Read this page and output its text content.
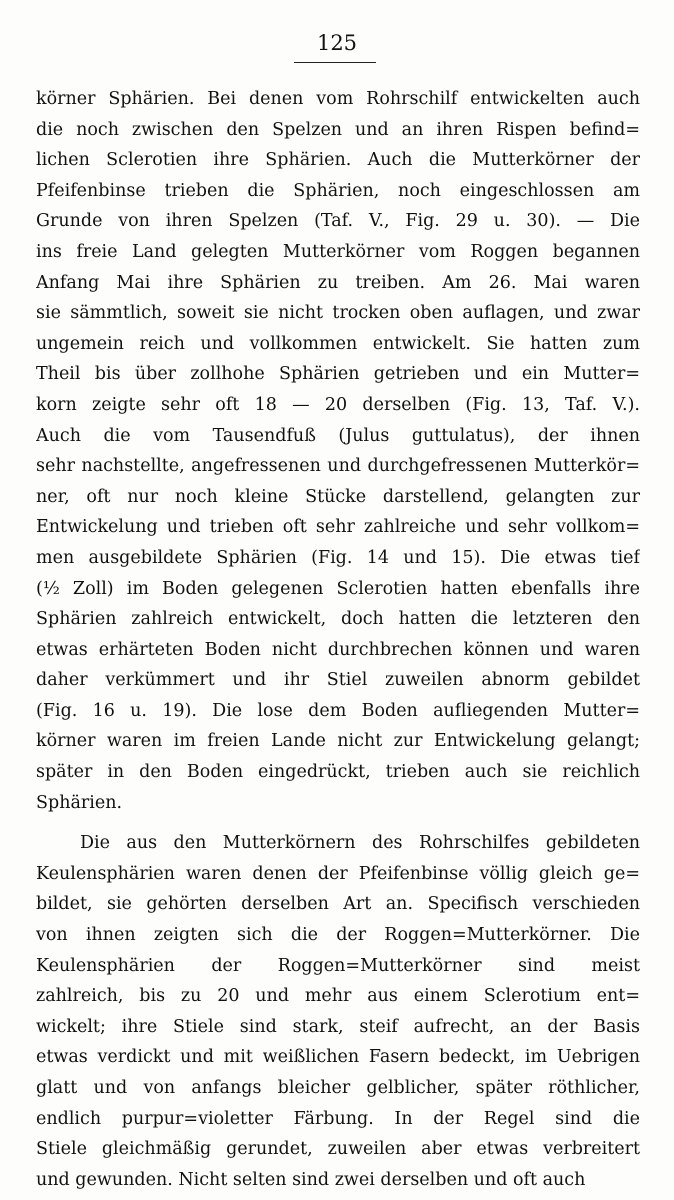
125
körner Sphärien. Bei denen vom Rohrschilf entwickelten auch
die noch zwischen den Spelzen und an ihren Rispen befind=
lichen Sclerotien ihre Sphärien. Auch die Mutterkörner der
Pfeifenbinse trieben die Sphärien, noch eingeschlossen am
Grunde von ihren Spelzen (Taf. V., Fig. 29 u. 30). — Die
ins freie Land gelegten Mutterkörner vom Roggen begannen
Anfang Mai ihre Sphärien zu treiben. Am 26. Mai waren
sie sämmtlich, soweit sie nicht trocken oben auflagen, und zwar
ungemein reich und vollkommen entwickelt. Sie hatten zum
Theil bis über zollhohe Sphärien getrieben und ein Mutter=
korn zeigte sehr oft 18 — 20 derselben (Fig. 13, Taf. V.).
Auch die vom Tausendfuß (Julus guttulatus), der ihnen
sehr nachstellte, angefressenen und durchgefressenen Mutterkör=
ner, oft nur noch kleine Stücke darstellend, gelangten zur
Entwickelung und trieben oft sehr zahlreiche und sehr vollkom=
men ausgebildete Sphärien (Fig. 14 und 15). Die etwas tief
(½ Zoll) im Boden gelegenen Sclerotien hatten ebenfalls ihre
Sphärien zahlreich entwickelt, doch hatten die letzteren den
etwas erhärteten Boden nicht durchbrechen können und waren
daher verkümmert und ihr Stiel zuweilen abnorm gebildet
(Fig. 16 u. 19). Die lose dem Boden aufliegenden Mutter=
körner waren im freien Lande nicht zur Entwickelung gelangt;
später in den Boden eingedrückt, trieben auch sie reichlich
Sphärien.
Die aus den Mutterkörnern des Rohrschilfes gebildeten
Keulensphärien waren denen der Pfeifenbinse völlig gleich ge=
bildet, sie gehörten derselben Art an. Specifisch verschieden
von ihnen zeigten sich die der Roggen=Mutterkörner. Die
Keulensphärien der Roggen=Mutterkörner sind meist
zahlreich, bis zu 20 und mehr aus einem Sclerotium ent=
wickelt; ihre Stiele sind stark, steif aufrecht, an der Basis
etwas verdickt und mit weißlichen Fasern bedeckt, im Uebrigen
glatt und von anfangs bleicher gelblicher, später röthlicher,
endlich purpur=violetter Färbung. In der Regel sind die
Stiele gleichmäßig gerundet, zuweilen aber etwas verbreitert
und gewunden. Nicht selten sind zwei derselben und oft auch
